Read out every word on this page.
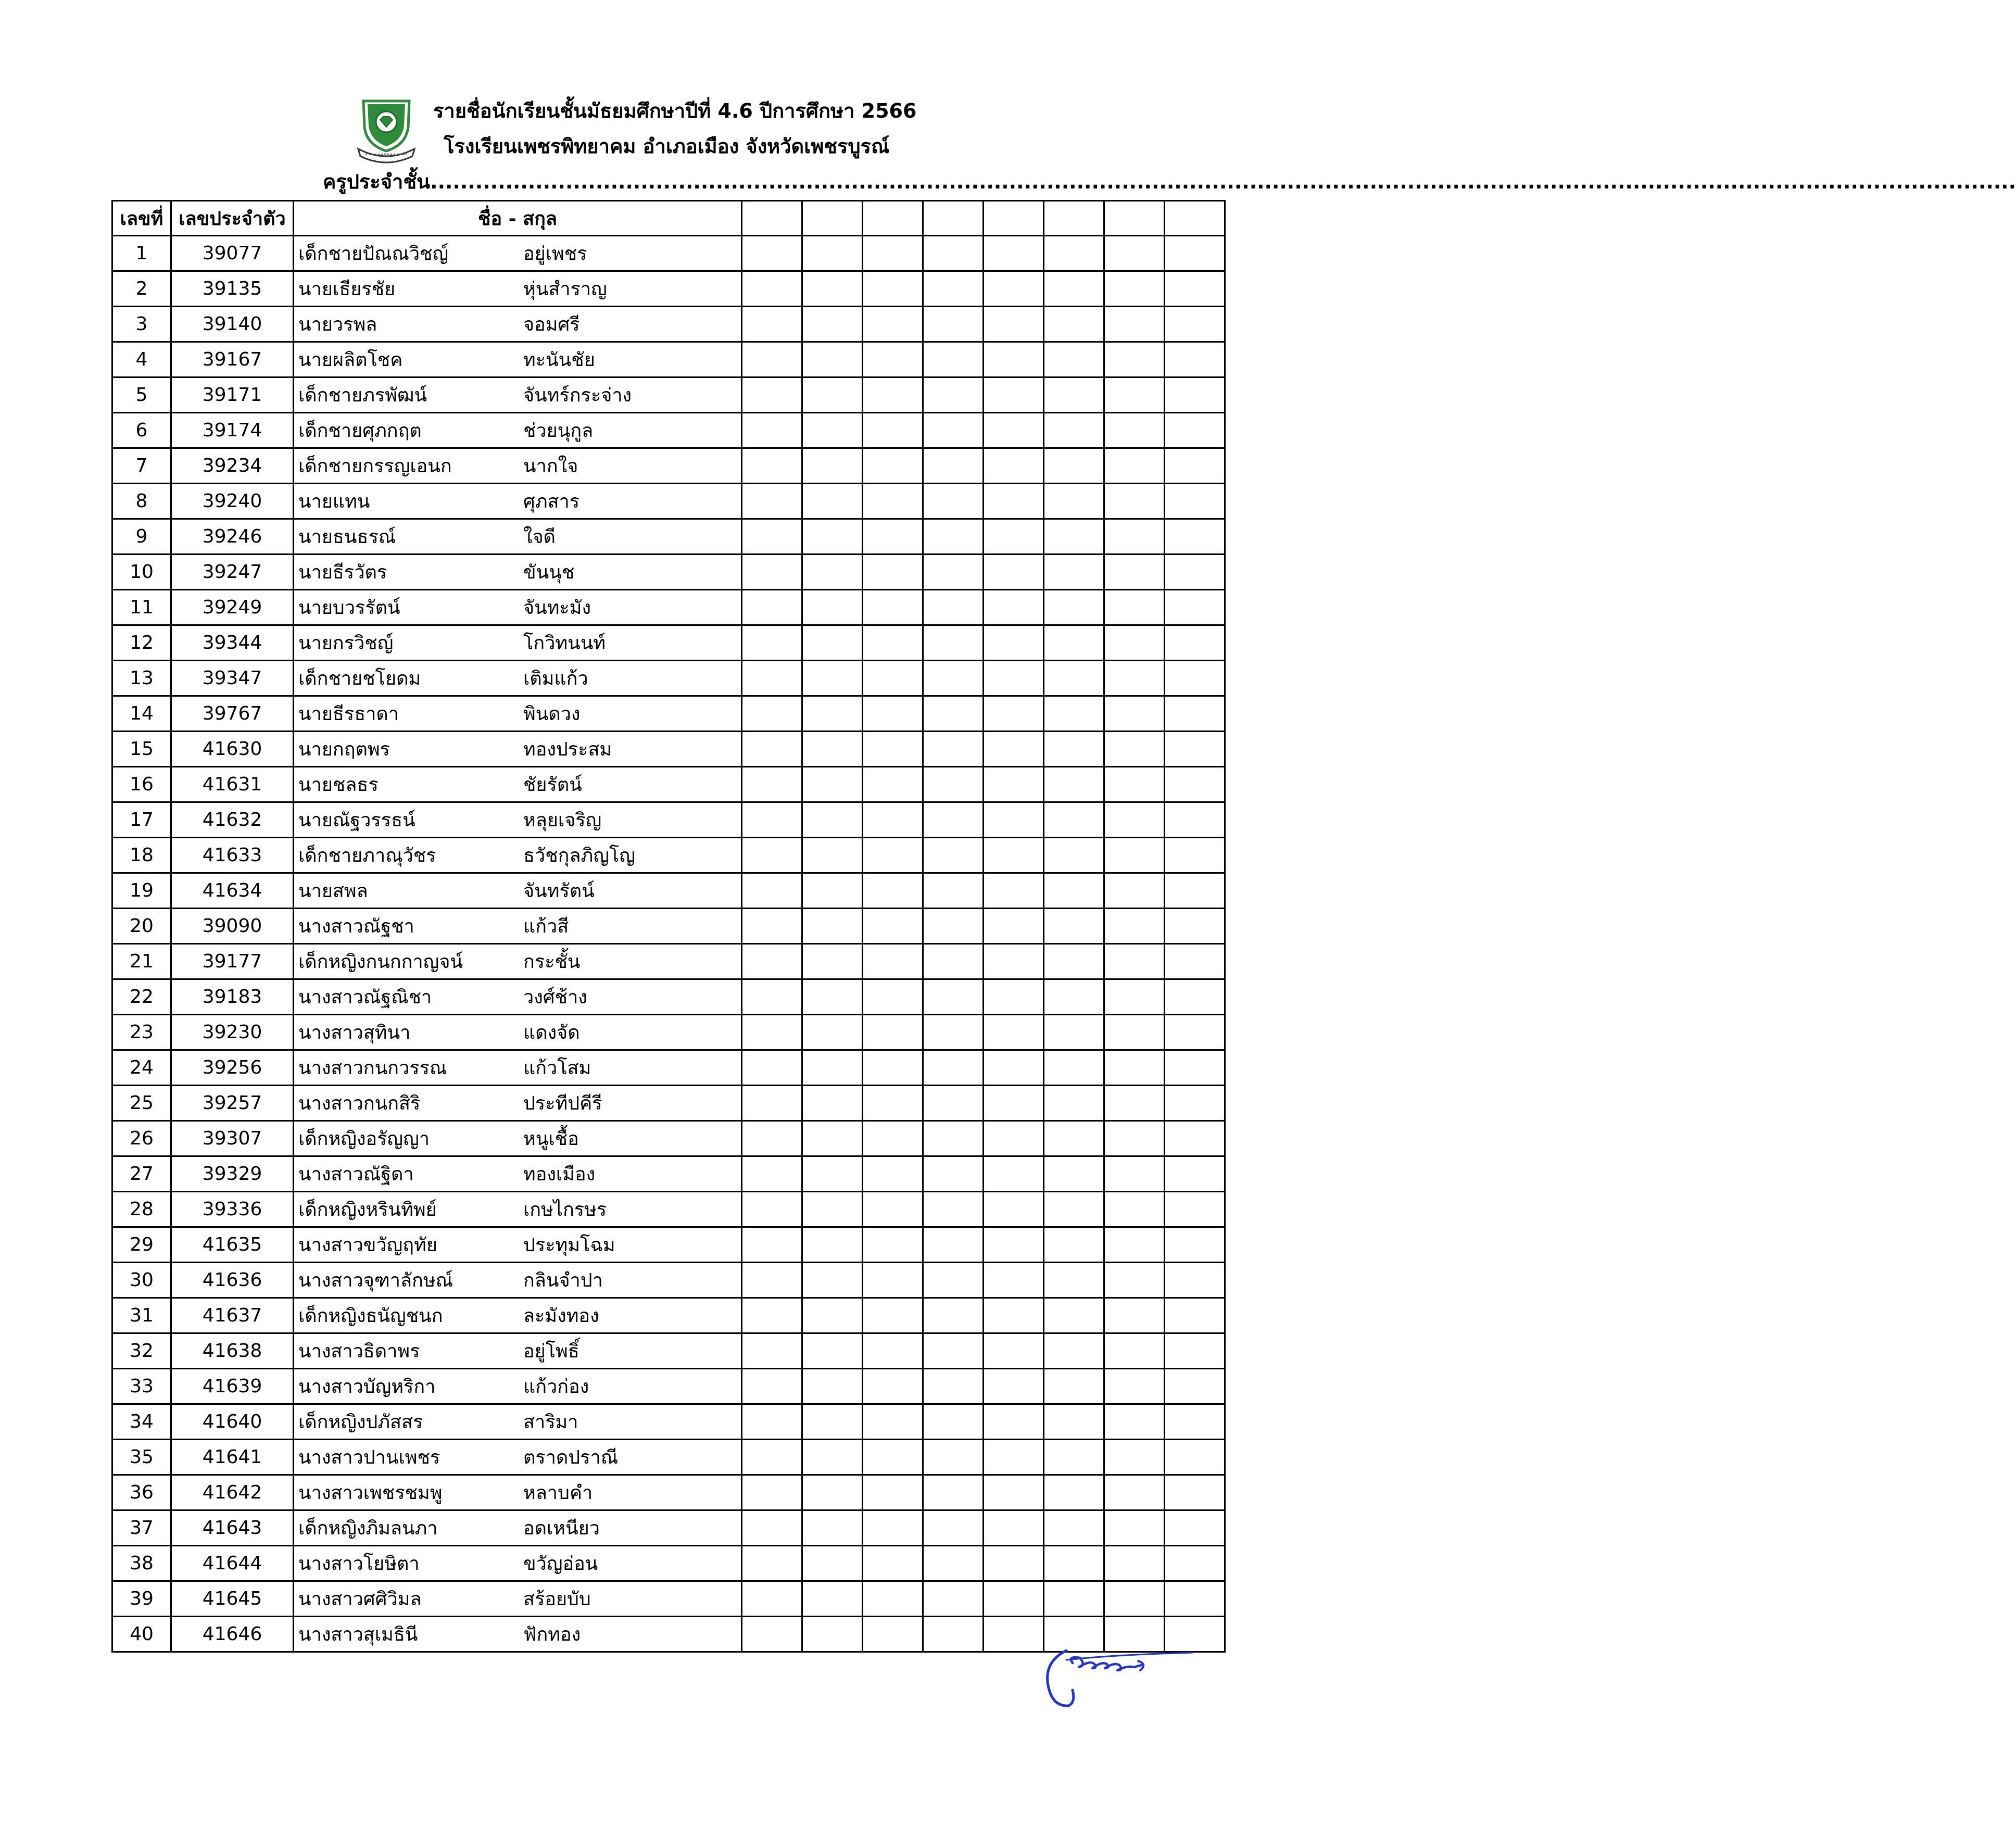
รายชื่อนักเรียนชั้นมัธยมศึกษาปีที่ 4.6 ปีการศึกษา 2566
โรงเรียนเพชรพิทยาคม อำเภอเมือง จังหวัดเพชรบูรณ์
ครูประจำชั้น...................................................................................................................................................................................................................
เลขที่	เลขประจำตัว	ชื่อ - สกุล								
1	39077	เด็กชายปัณณวิชญ์ อยู่เพชร								
2	39135	นายเธียรชัย หุ่นสำราญ								
3	39140	นายวรพล จอมศรี								
4	39167	นายผลิตโชค ทะนันชัย								
5	39171	เด็กชายภรพัฒน์ จันทร์กระจ่าง								
6	39174	เด็กชายศุภกฤต ช่วยนุกูล								
7	39234	เด็กชายกรรญเอนก นากใจ								
8	39240	นายแทน ศุภสาร								
9	39246	นายธนธรณ์ ใจดี								
10	39247	นายธีรวัตร ขันนุช								
11	39249	นายบวรรัตน์ จันทะมัง								
12	39344	นายกรวิชญ์ โกวิทนนท์								
13	39347	เด็กชายชโยดม เติมแก้ว								
14	39767	นายธีรธาดา พินดวง								
15	41630	นายกฤตพร ทองประสม								
16	41631	นายชลธร ชัยรัตน์								
17	41632	นายณัฐวรรธน์ หลุยเจริญ								
18	41633	เด็กชายภาณุวัชร ธวัชกุลภิญโญ								
19	41634	นายสพล จันทรัตน์								
20	39090	นางสาวณัฐชา แก้วสี								
21	39177	เด็กหญิงกนกกาญจน์ กระชั้น								
22	39183	นางสาวณัฐณิชา วงศ์ช้าง								
23	39230	นางสาวสุทินา แดงจัด								
24	39256	นางสาวกนกวรรณ แก้วโสม								
25	39257	นางสาวกนกสิริ ประทีปคีรี								
26	39307	เด็กหญิงอรัญญา หนูเชื้อ								
27	39329	นางสาวณัฐิดา ทองเมือง								
28	39336	เด็กหญิงหรินทิพย์ เกษไกรษร								
29	41635	นางสาวขวัญฤทัย ประทุมโฉม								
30	41636	นางสาวจุฑาลักษณ์ กลินจำปา								
31	41637	เด็กหญิงธนัญชนก ละมังทอง								
32	41638	นางสาวธิดาพร อยู่โพธิ์								
33	41639	นางสาวบัญหริกา แก้วก่อง								
34	41640	เด็กหญิงปภัสสร สาริมา								
35	41641	นางสาวปานเพชร ตราดปราณี								
36	41642	นางสาวเพชรชมพู หลาบคำ								
37	41643	เด็กหญิงภิมลนภา อดเหนียว								
38	41644	นางสาวโยษิตา ขวัญอ่อน								
39	41645	นางสาวศศิวิมล สร้อยบับ								
40	41646	นางสาวสุเมธินี ฟักทอง								
